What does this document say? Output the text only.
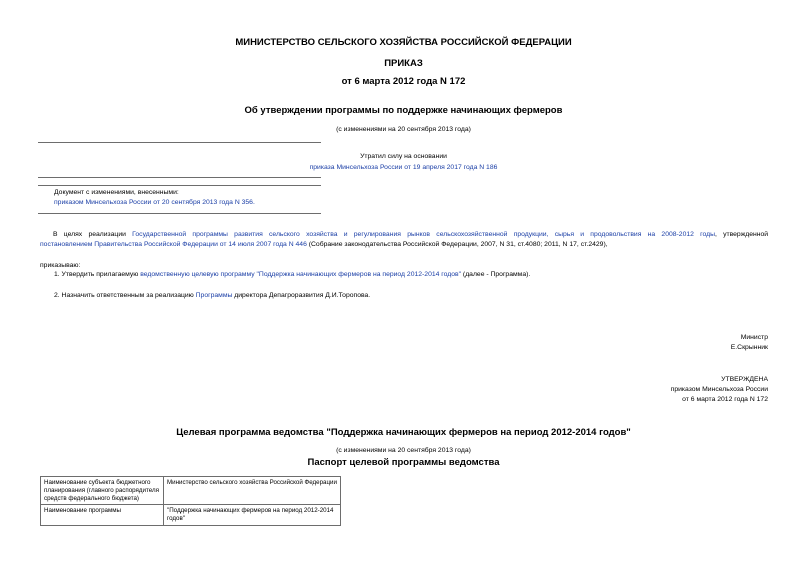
МИНИСТЕРСТВО СЕЛЬСКОГО ХОЗЯЙСТВА РОССИЙСКОЙ ФЕДЕРАЦИИ
ПРИКАЗ
от 6 марта 2012 года N 172
Об утверждении программы по поддержке начинающих фермеров
(с изменениями на 20 сентября 2013 года)
Утратил силу на основании
приказа Минсельхоза России от 19 апреля 2017 года N 186
Документ с изменениями, внесенными:
приказом Минсельхоза России от 20 сентября 2013 года N 356.

В целях реализации Государственной программы развития сельского хозяйства и регулирования рынков сельскохозяйственной продукции, сырья и продовольствия на 2008-2012 годы, утвержденной

постановлением Правительства Российской Федерации от 14 июля 2007 года N 446 (Собрание законодательства Российской Федерации, 2007, N 31, ст.4080; 2011, N 17, ст.2429),

приказываю:
1. Утвердить прилагаемую ведомственную целевую программу "Поддержка начинающих фермеров на период 2012-2014 годов" (далее - Программа).
2. Назначить ответственным за реализацию Программы директора Депагроразвития Д.И.Торопова.
Министр
Е.Скрынник
УТВЕРЖДЕНА
приказом Минсельхоза России
от 6 марта 2012 года N 172
Целевая программа ведомства "Поддержка начинающих фермеров на период 2012-2014 годов"
(с изменениями на 20 сентября 2013 года)
Паспорт целевой программы ведомства
Наименование субъекта бюджетного планирования (главного распорядителя средств федерального бюджета)	Министерство сельского хозяйства Российской Федерации
Наименование программы	"Поддержка начинающих фермеров на период 2012-2014 годов"
